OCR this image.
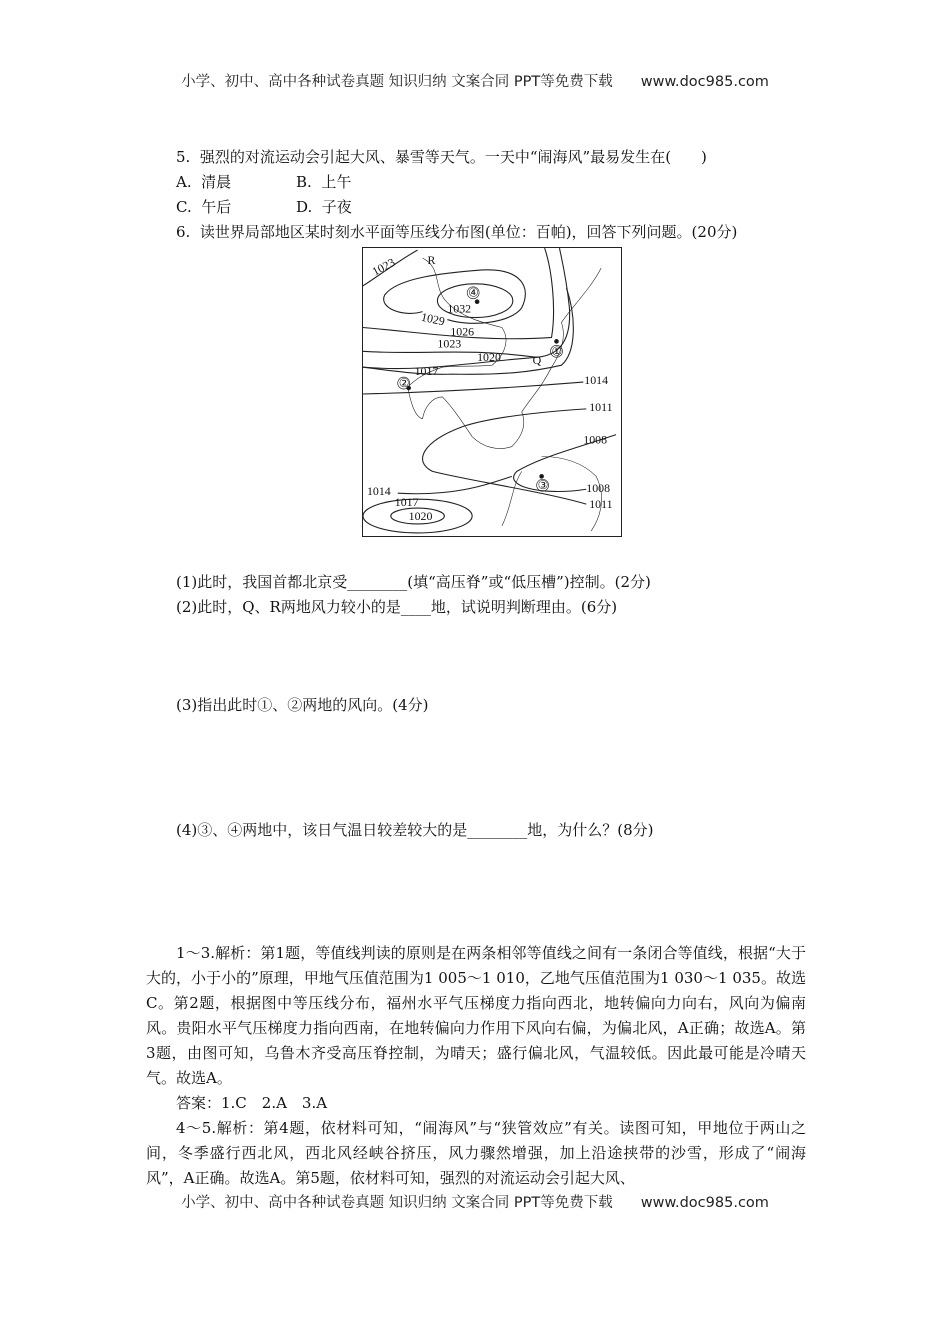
小学、初中、高中各种试卷真题 知识归纳 文案合同 PPT等免费下载 www.doc985.com
5.  强烈的对流运动会引起大风、暴雪等天气。一天中“闹海风”最易发生在(　　)
A.  清晨	B.  上午
C.  午后	D.  子夜
6.  读世界局部地区某时刻水平面等压线分布图(单位：百帕)，回答下列问题。(20分)
R
Q
①
②
③
④
1023
1032
1029
1026
1023
1020
1017
1014
1011
1008
1008
1011
1014
1017
1020
(1)此时，我国首都北京受________(填“高压脊”或“低压槽”)控制。(2分)
(2)此时，Q、R两地风力较小的是____地，试说明判断理由。(6分)
(3)指出此时①、②两地的风向。(4分)
(4)③、④两地中，该日气温日较差较大的是________地，为什么？(8分)

1～3.解析：第1题，等值线判读的原则是在两条相邻等值线之间有一条闭合等值线，根据“大于大的，小于小的”原理，甲地气压值范围为1 005～1 010，乙地气压值范围为1 030～1 035。故选C。第2题，根据图中等压线分布，福州水平气压梯度力指向西北，地转偏向力向右，风向为偏南风。贵阳水平气压梯度力指向西南，在地转偏向力作用下风向右偏，为偏北风，A正确；故选A。第3题，由图可知，乌鲁木齐受高压脊控制，为晴天；盛行偏北风，气温较低。因此最可能是冷晴天气。故选A。

答案：1.C　2.A　3.A

4～5.解析：第4题，依材料可知，“闹海风”与“狭管效应”有关。读图可知，甲地位于两山之间，冬季盛行西北风，西北风经峡谷挤压，风力骤然增强，加上沿途挟带的沙雪，形成了“闹海风”，A正确。故选A。第5题，依材料可知，强烈的对流运动会引起大风、

小学、初中、高中各种试卷真题 知识归纳 文案合同 PPT等免费下载 www.doc985.com
